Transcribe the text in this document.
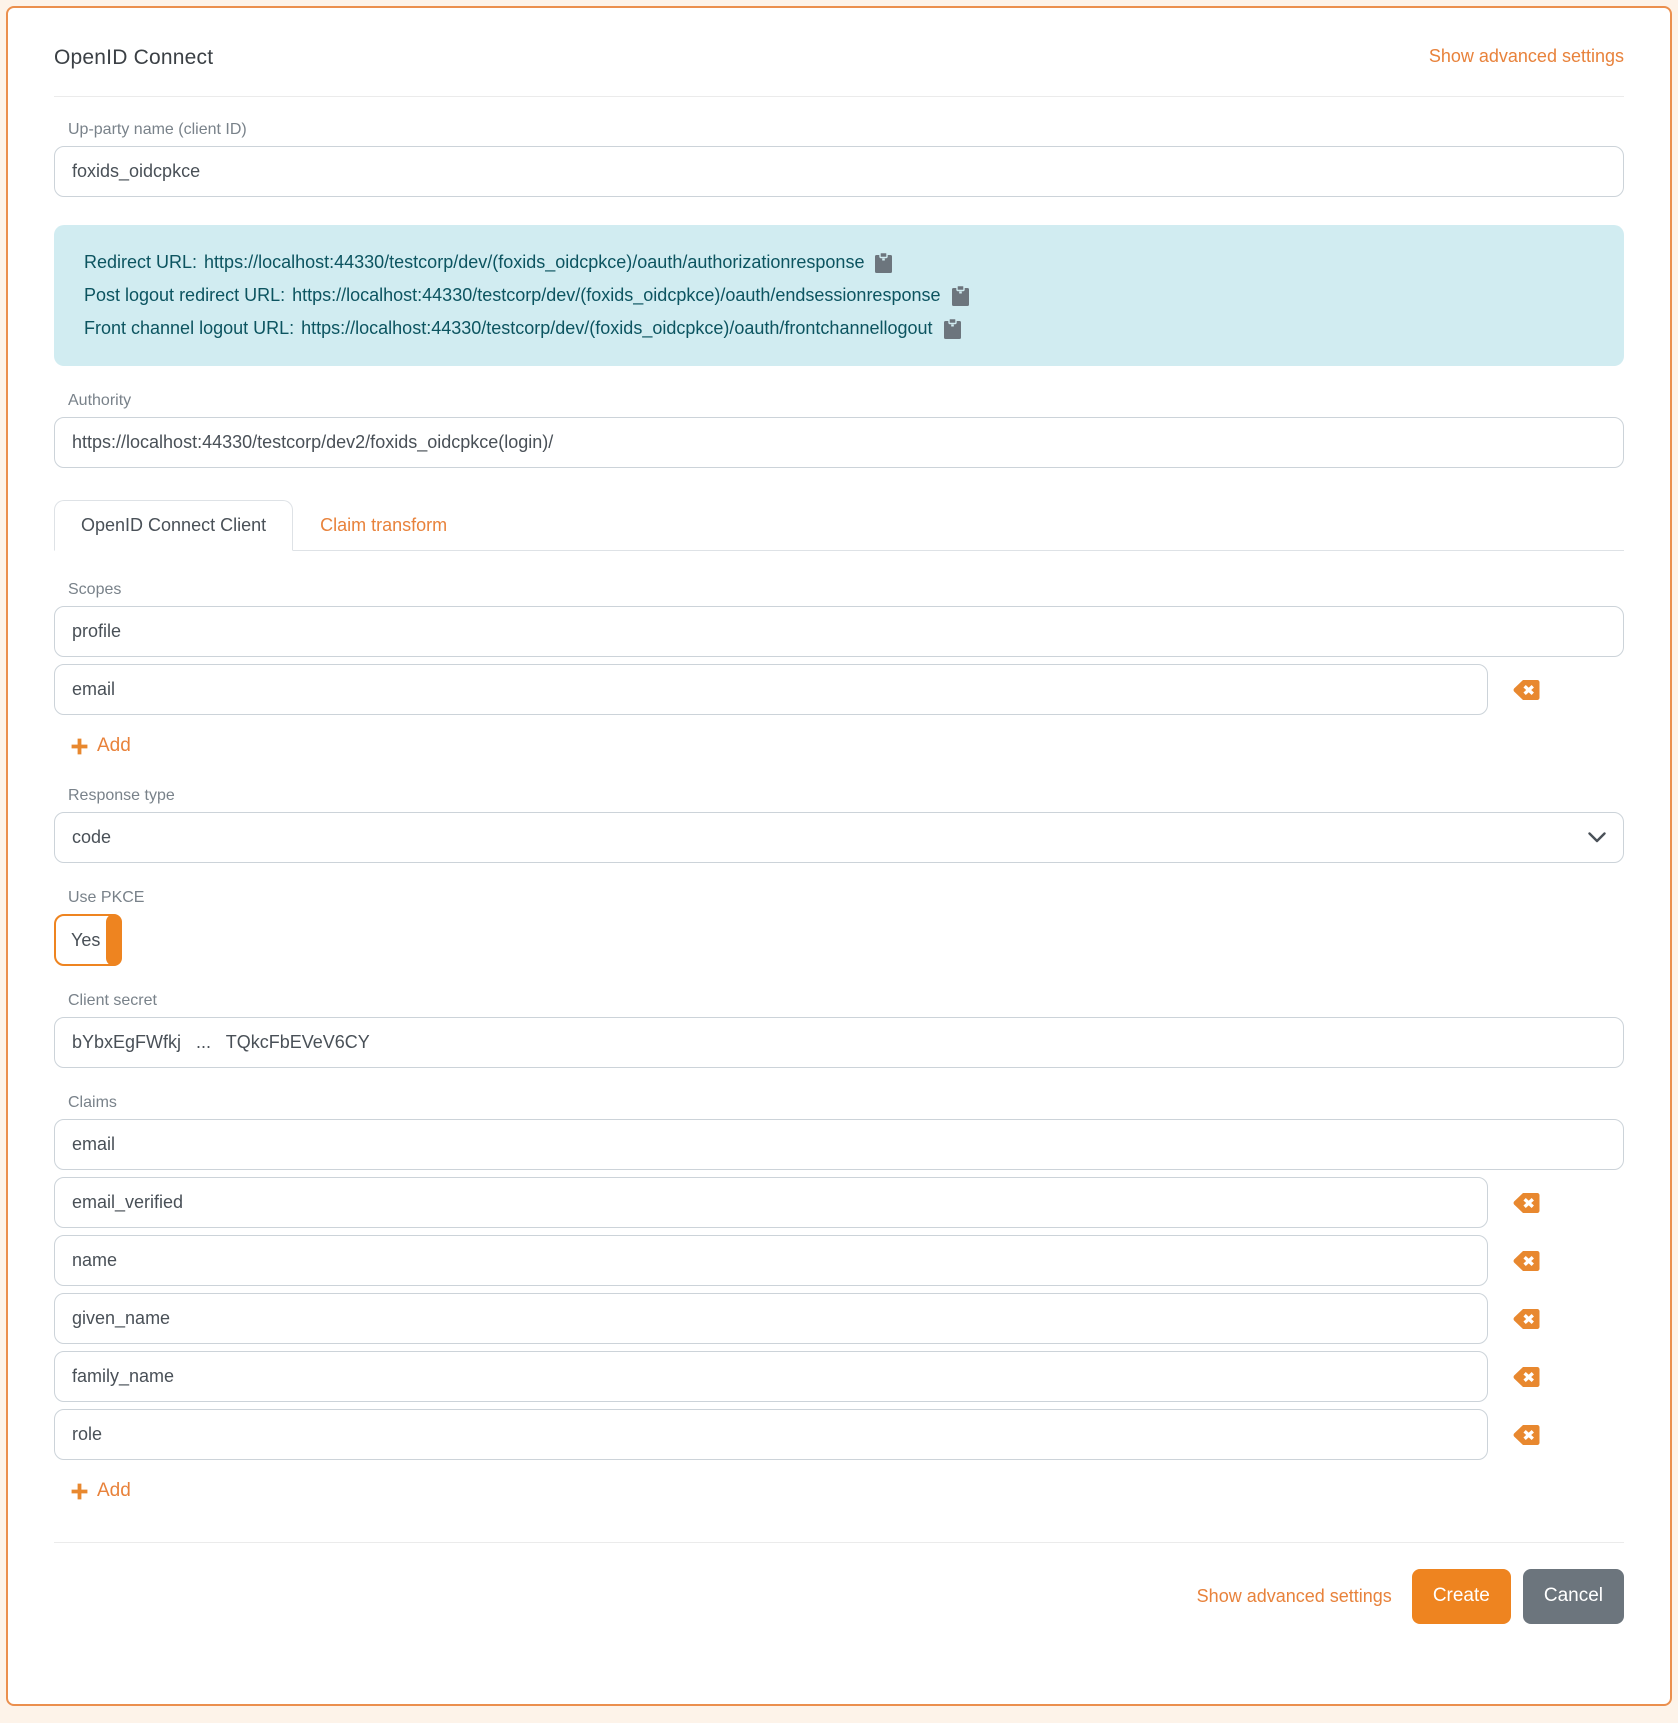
OpenID Connect	Show advanced settings
Up-party name (client ID)
foxids_oidcpkce
Redirect URL: https://localhost:44330/testcorp/dev/(foxids_oidcpkce)/oauth/authorizationresponse
Post logout redirect URL: https://localhost:44330/testcorp/dev/(foxids_oidcpkce)/oauth/endsessionresponse
Front channel logout URL: https://localhost:44330/testcorp/dev/(foxids_oidcpkce)/oauth/frontchannellogout
Authority
https://localhost:44330/testcorp/dev2/foxids_oidcpkce(login)/
OpenID Connect Client	Claim transform
Scopes
profile
email
Add
Response type
code
Use PKCE
Yes
Client secret
bYbxEgFWfkj ... TQkcFbEVeV6CY
Claims
email
email_verified
name
given_name
family_name
role
Add
Show advanced settings	Create	Cancel
